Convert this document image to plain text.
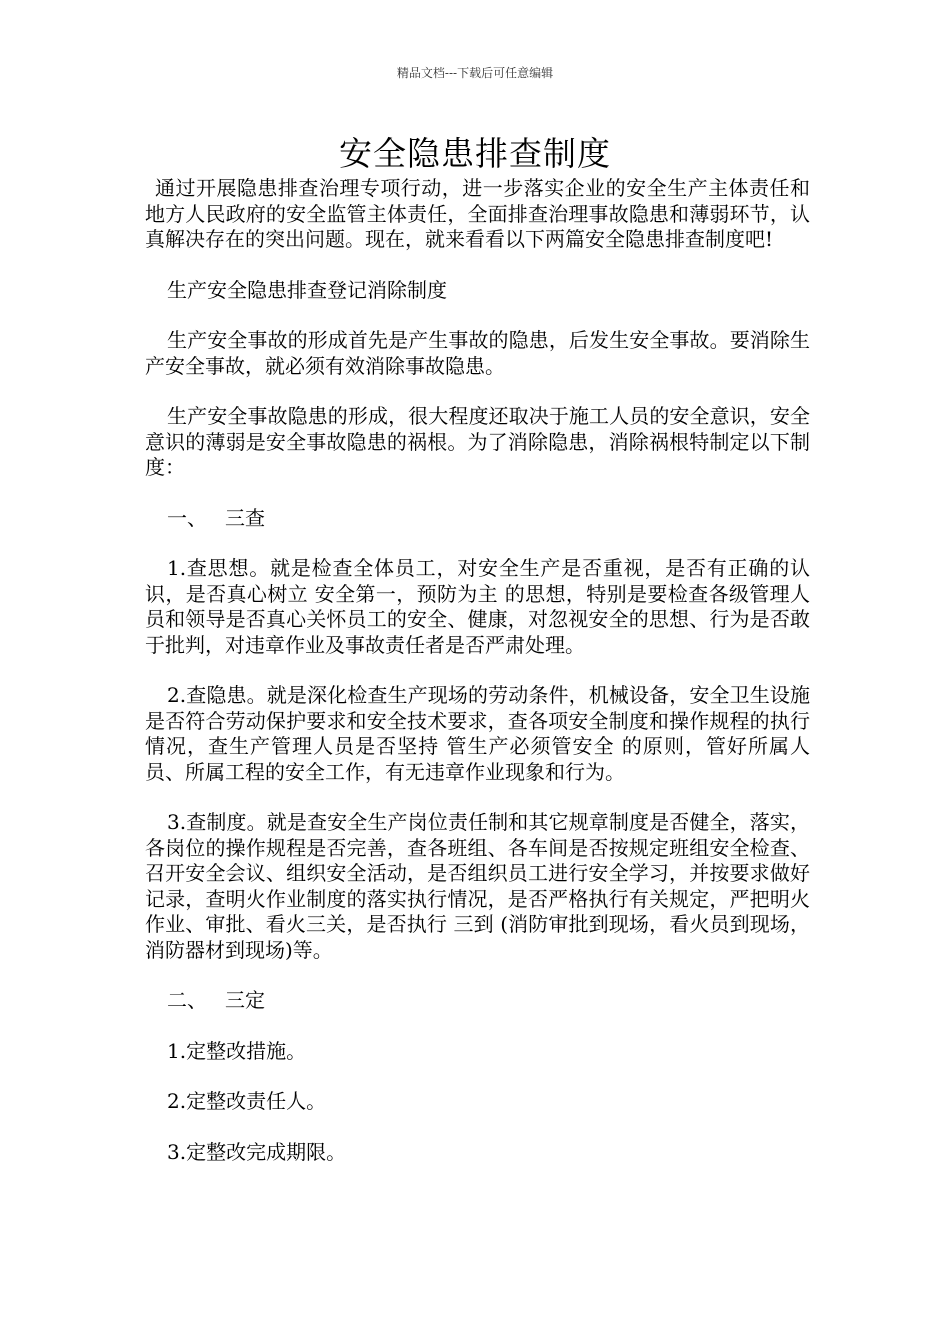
精品文档---下载后可任意编辑
安全隐患排查制度

通过开展隐患排查治理专项行动，进一步落实企业的安全生产主体责任和地方人民政府的安全监管主体责任，全面排查治理事故隐患和薄弱环节，认真解决存在的突出问题。现在，就来看看以下两篇安全隐患排查制度吧!

生产安全隐患排查登记消除制度

生产安全事故的形成首先是产生事故的隐患，后发生安全事故。要消除生产安全事故，就必须有效消除事故隐患。

生产安全事故隐患的形成，很大程度还取决于施工人员的安全意识，安全意识的薄弱是安全事故隐患的祸根。为了消除隐患，消除祸根特制定以下制度：

一、 三查

1.查思想。就是检查全体员工，对安全生产是否重视，是否有正确的认识，是否真心树立 安全第一，预防为主 的思想，特别是要检查各级管理人员和领导是否真心关怀员工的安全、健康，对忽视安全的思想、行为是否敢于批判，对违章作业及事故责任者是否严肃处理。

2.查隐患。就是深化检查生产现场的劳动条件，机械设备，安全卫生设施是否符合劳动保护要求和安全技术要求，查各项安全制度和操作规程的执行情况，查生产管理人员是否坚持 管生产必须管安全 的原则，管好所属人员、所属工程的安全工作，有无违章作业现象和行为。

3.查制度。就是查安全生产岗位责任制和其它规章制度是否健全，落实，各岗位的操作规程是否完善，查各班组、各车间是否按规定班组安全检查、召开安全会议、组织安全活动，是否组织员工进行安全学习，并按要求做好记录，查明火作业制度的落实执行情况，是否严格执行有关规定，严把明火作业、审批、看火三关，是否执行 三到 (消防审批到现场，看火员到现场，消防器材到现场)等。

二、 三定

1.定整改措施。

2.定整改责任人。

3.定整改完成期限。
